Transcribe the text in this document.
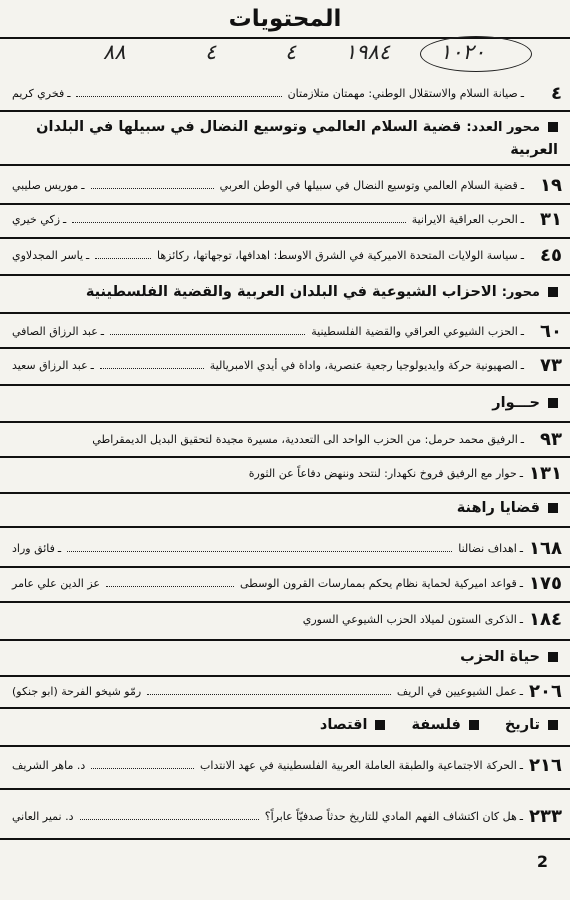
المحتويات
٨٨	٤	٤ ١٩٨٤ ١٠٢٠
٤
ـ
صيانة السلام والاستقلال الوطني: مهمتان متلازمتان
ـ
فخري كريم
محور العدد: قضية السلام العالمي وتوسيع النضال في سبيلها في البلدان العربية
١٩
ـ
قضية السلام العالمي وتوسيع النضال في سبيلها في الوطن العربي
ـ
موريس صليبي
٣١
ـ
الحرب العراقية الايرانية
ـ
زكي خيري
٤٥
ـ
سياسة الولايات المتحدة الاميركية في الشرق الاوسط: اهدافها، توجهاتها، ركائزها
ـ
ياسر المجدلاوي
محور: الاحزاب الشيوعية في البلدان العربية والقضية الفلسطينية
٦٠
ـ
الحزب الشيوعي العراقي والقضية الفلسطينية
ـ
عبد الرزاق الصافي
٧٣
ـ
الصهيونية حركة وايديولوجيا رجعية عنصرية، واداة في أيدي الامبريالية
ـ
عبد الرزاق سعيد
حـــوار
٩٣
ـ
الرفيق محمد حرمل: من الحزب الواحد الى التعددية، مسيرة مجيدة لتحقيق البديل الديمقراطي
١٣١
ـ
حوار مع الرفيق فروخ نكهدار: لنتحد وننهض دفاعاً عن الثورة
قضايا راهنة
١٦٨
ـ
اهداف نضالنا
ـ
فائق وراد
١٧٥
ـ
قواعد اميركية لحماية نظام يحكم بممارسات القرون الوسطى
عز الدين علي عامر
١٨٤
ـ
الذكرى الستون لميلاد الحزب الشيوعي السوري
حياة الحزب
٢٠٦
ـ
عمل الشيوعيين في الريف
رمّو شيخو الفرحة (ابو جنكو)
تاريخ
فلسفة
اقتصاد
٢١٦
ـ
الحركة الاجتماعية والطبقة العاملة العربية الفلسطينية في عهد الانتداب
د. ماهر الشريف
٢٣٣
ـ
هل كان اكتشاف الفهم المادي للتاريخ حدثاً صدفيّاً عابراً؟
د. نمير العاني
2
